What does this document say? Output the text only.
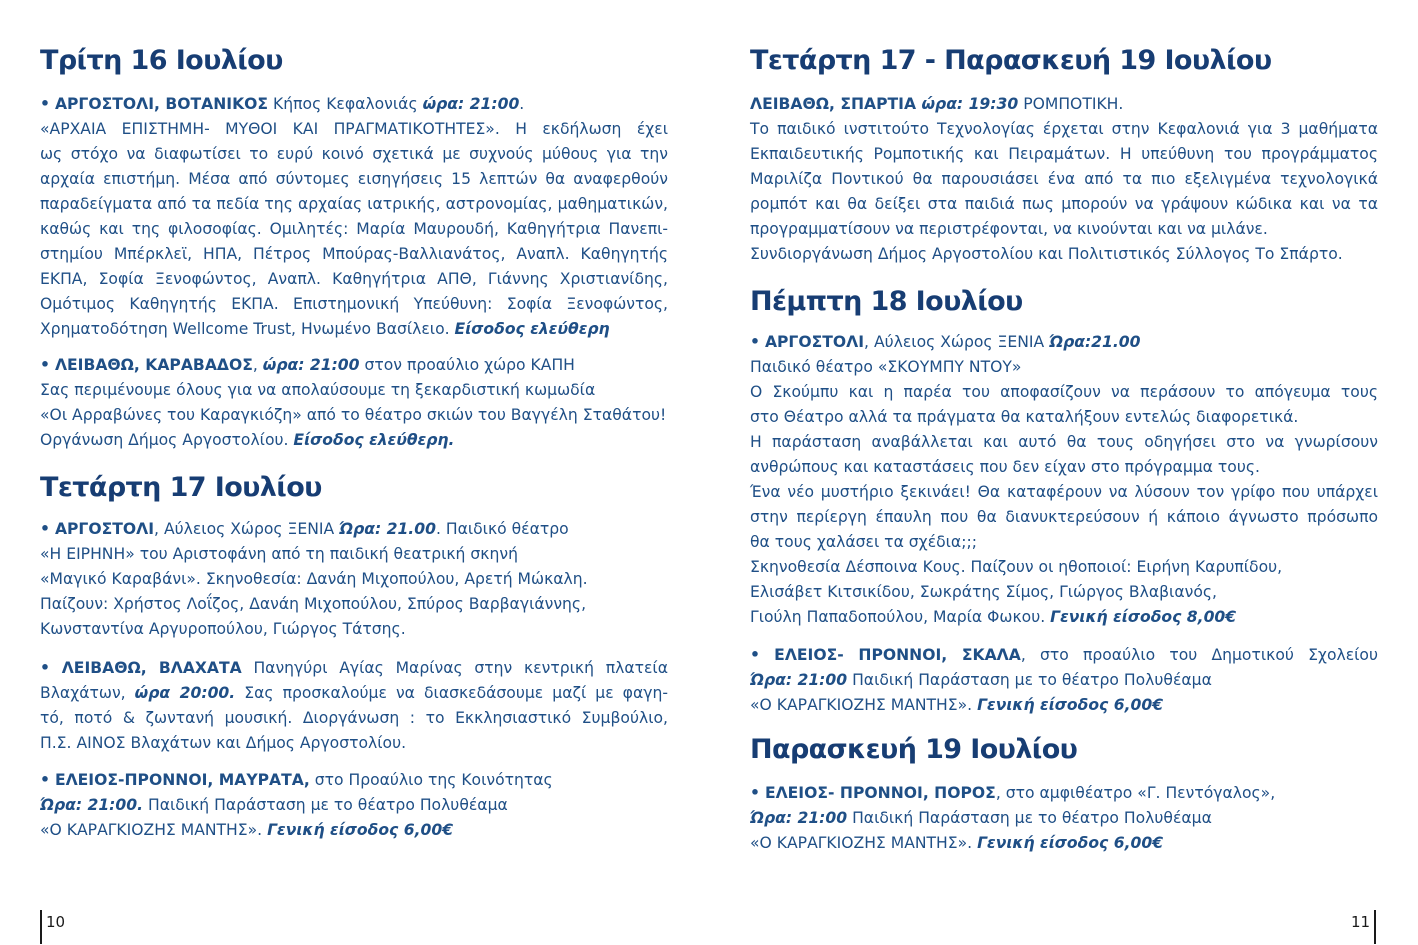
Τρίτη 16 Ιουλίου
• ΑΡΓΟΣΤΟΛΙ, ΒΟΤΑΝΙΚΟΣ Κήπος Κεφαλονιάς ώρα: 21:00.
«ΑΡΧΑΙΑ ΕΠΙΣΤΗΜΗ- ΜΥΘΟΙ ΚΑΙ ΠΡΑΓΜΑΤΙΚΟΤΗΤΕΣ». Η εκδήλωση έχει
ως στόχο να διαφωτίσει το ευρύ κοινό σχετικά με συχνούς μύθους για την
αρχαία επιστήμη. Μέσα από σύντομες εισηγήσεις 15 λεπτών θα αναφερθούν
παραδείγματα από τα πεδία της αρχαίας ιατρικής, αστρονομίας, μαθηματικών,
καθώς και της φιλοσοφίας. Ομιλητές: Μαρία Μαυρουδή, Καθηγήτρια Πανεπι-
στημίου Μπέρκλεϊ, ΗΠΑ, Πέτρος Μπούρας-Βαλλιανάτος, Αναπλ. Καθηγητής
ΕΚΠΑ, Σοφία Ξενοφώντος, Αναπλ. Καθηγήτρια ΑΠΘ, Γιάννης Χριστιανίδης,
Ομότιμος Καθηγητής ΕΚΠΑ. Επιστημονική Υπεύθυνη: Σοφία Ξενοφώντος,
Χρηματοδότηση Wellcome Trust, Ηνωμένο Βασίλειο. Είσοδος ελεύθερη
• ΛΕΙΒΑΘΩ, ΚΑΡΑΒΑΔΟΣ, ώρα: 21:00 στον προαύλιο χώρο ΚΑΠΗ
Σας περιμένουμε όλους για να απολαύσουμε τη ξεκαρδιστική κωμωδία
«Οι Αρραβώνες του Καραγκιόζη» από το θέατρο σκιών του Βαγγέλη Σταθάτου!
Οργάνωση Δήμος Αργοστολίου. Είσοδος ελεύθερη.
Τετάρτη 17 Ιουλίου
• ΑΡΓΟΣΤΟΛΙ, Αύλειος Χώρος ΞΕΝΙΑ Ώρα: 21.00. Παιδικό θέατρο
«Η ΕΙΡΗΝΗ» του Αριστοφάνη από τη παιδική θεατρική σκηνή
«Μαγικό Καραβάνι». Σκηνοθεσία: Δανάη Μιχοπούλου, Αρετή Μώκαλη.
Παίζουν: Χρήστος Λοΐζος, Δανάη Μιχοπούλου, Σπύρος Βαρβαγιάννης,
Κωνσταντίνα Αργυροπούλου, Γιώργος Τάτσης.
• ΛΕΙΒΑΘΩ, ΒΛΑΧΑΤΑ Πανηγύρι Αγίας Μαρίνας στην κεντρική πλατεία
Βλαχάτων, ώρα 20:00. Σας προσκαλούμε να διασκεδάσουμε μαζί με φαγη-
τό, ποτό & ζωντανή μουσική. Διοργάνωση : το Εκκλησιαστικό Συμβούλιο,
Π.Σ. ΑΙΝΟΣ Βλαχάτων και Δήμος Αργοστολίου.
• ΕΛΕΙΟΣ-ΠΡΟΝΝΟΙ, ΜΑΥΡΑΤΑ, στο Προαύλιο της Κοινότητας
Ώρα: 21:00. Παιδική Παράσταση με το θέατρο Πολυθέαμα
«Ο ΚΑΡΑΓΚΙΟΖΗΣ ΜΑΝΤΗΣ». Γενική είσοδος 6,00€
10
Τετάρτη 17 - Παρασκευή 19 Ιουλίου
ΛΕΙΒΑΘΩ, ΣΠΑΡΤΙΑ ώρα: 19:30 ΡΟΜΠΟΤΙΚΗ.
Το παιδικό ινστιτούτο Τεχνολογίας έρχεται στην Κεφαλονιά για 3 μαθήματα
Εκπαιδευτικής Ρομποτικής και Πειραμάτων. Η υπεύθυνη του προγράμματος
Μαριλίζα Ποντικού θα παρουσιάσει ένα από τα πιο εξελιγμένα τεχνολογικά
ρομπότ και θα δείξει στα παιδιά πως μπορούν να γράψουν κώδικα και να τα
προγραμματίσουν να περιστρέφονται, να κινούνται και να μιλάνε.
Συνδιοργάνωση Δήμος Αργοστολίου και Πολιτιστικός Σύλλογος Το Σπάρτο.
Πέμπτη 18 Ιουλίου
• ΑΡΓΟΣΤΟΛΙ, Αύλειος Χώρος ΞΕΝΙΑ Ώρα:21.00
Παιδικό θέατρο «ΣΚΟΥΜΠΥ ΝΤΟΥ»
Ο Σκούμπυ και η παρέα του αποφασίζουν να περάσουν το απόγευμα τους
στο Θέατρο αλλά τα πράγματα θα καταλήξουν εντελώς διαφορετικά.
Η παράσταση αναβάλλεται και αυτό θα τους οδηγήσει στο να γνωρίσουν
ανθρώπους και καταστάσεις που δεν είχαν στο πρόγραμμα τους.
Ένα νέο μυστήριο ξεκινάει! Θα καταφέρουν να λύσουν τον γρίφο που υπάρχει
στην περίεργη έπαυλη που θα διανυκτερεύσουν ή κάποιο άγνωστο πρόσωπο
θα τους χαλάσει τα σχέδια;;;
Σκηνοθεσία Δέσποινα Κους. Παίζουν οι ηθοποιοί: Ειρήνη Καρυπίδου,
Ελισάβετ Κιτσικίδου, Σωκράτης Σίμος, Γιώργος Βλαβιανός,
Γιούλη Παπαδοπούλου, Μαρία Φωκου. Γενική είσοδος 8,00€
• ΕΛΕΙΟΣ- ΠΡΟΝΝΟΙ, ΣΚΑΛΑ, στο προαύλιο του Δημοτικού Σχολείου
Ώρα: 21:00 Παιδική Παράσταση με το θέατρο Πολυθέαμα
«Ο ΚΑΡΑΓΚΙΟΖΗΣ ΜΑΝΤΗΣ». Γενική είσοδος 6,00€
Παρασκευή 19 Ιουλίου
• ΕΛΕΙΟΣ- ΠΡΟΝΝΟΙ, ΠΟΡΟΣ, στο αμφιθέατρο «Γ. Πεντόγαλος»,
Ώρα: 21:00 Παιδική Παράσταση με το θέατρο Πολυθέαμα
«Ο ΚΑΡΑΓΚΙΟΖΗΣ ΜΑΝΤΗΣ». Γενική είσοδος 6,00€
11
